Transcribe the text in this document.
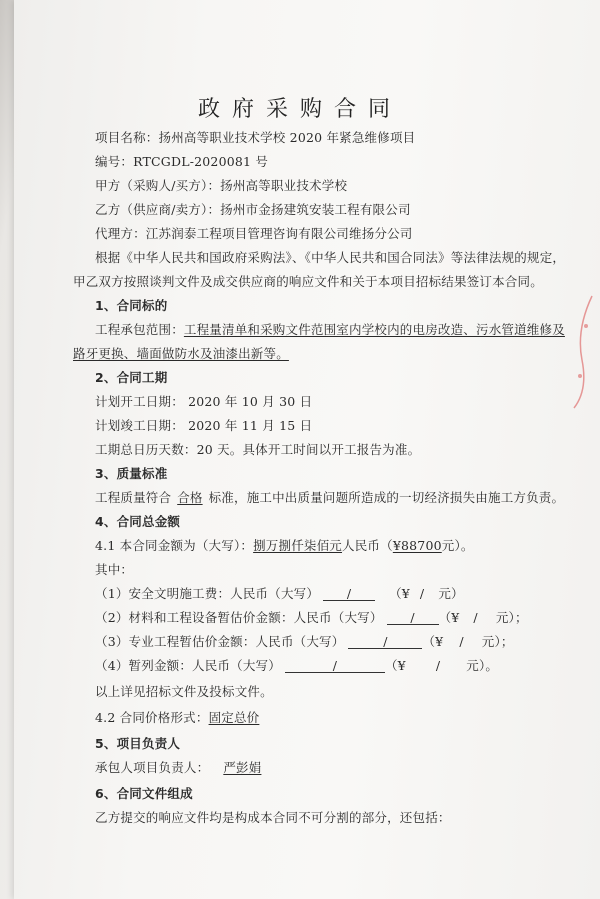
政府采购合同
项目名称：扬州高等职业技术学校 2020 年紧急维修项目
编号：RTCGDL-2020081 号
甲方（采购人/买方）：扬州高等职业技术学校
乙方（供应商/卖方）：扬州市金扬建筑安装工程有限公司
代理方：江苏润泰工程项目管理咨询有限公司维扬分公司
根据《中华人民共和国政府采购法》、《中华人民共和国合同法》等法律法规的规定，
甲乙双方按照谈判文件及成交供应商的响应文件和关于本项目招标结果签订本合同。
1、合同标的
工程承包范围：工程量清单和采购文件范围室内学校内的电房改造、污水管道维修及
路牙更换、墙面做防水及油漆出新等。
2、合同工期
计划开工日期： 2020 年 10 月 30 日
计划竣工日期： 2020 年 11 月 15 日
工期总日历天数：20 天。具体开工时间以开工报告为准。
3、质量标准
工程质量符合 合格 标准，施工中出质量问题所造成的一切经济损失由施工方负责。
4、合同总金额
4.1 本合同金额为（大写）：捌万捌仟柒佰元人民币（¥88700元）。
其中：
（1）安全文明施工费：人民币（大写） /	（¥ / 元）
（2）材料和工程设备暂估价金额：人民币（大写） / （¥ / 元）；
（3）专业工程暂估价金额：人民币（大写）	/	（¥ / 元）；
（4）暂列金额：人民币（大写）	/	（¥ / 元）。
以上详见招标文件及投标文件。
4.2 合同价格形式：固定总价
5、项目负责人
承包人项目负责人： 严彭娟
6、合同文件组成
乙方提交的响应文件均是构成本合同不可分割的部分，还包括：
